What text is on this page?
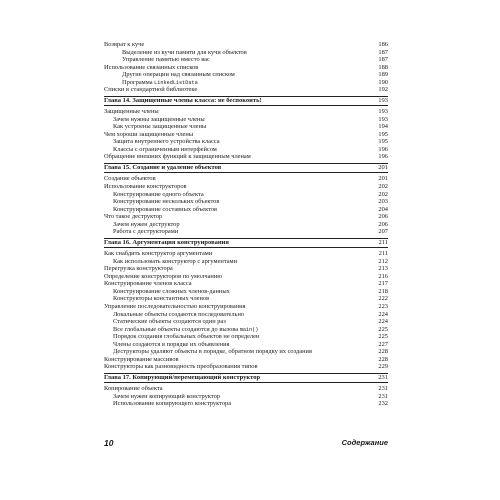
Возврат к куче	186
Выделение из кучи памяти для кучи объектов	187
Управление памятью вместо вас	187
Использование связанных списков	188
Другие операции над связанным списком	189
Программа LinkedListData	190
Списки в стандартной библиотеке	192
Глава 14. Защищенные члены класса: не беспокоить!	193
Защищенные члены	193
Зачем нужны защищенные члены	193
Как устроены защищенные члены	194
Чем хороши защищенные члены	195
Защита внутреннего устройства класса	195
Классы с ограниченным интерфейсом	196
Обращение внешних функций к защищенным членам	196
Глава 15. Создание и удаление объектов	201
Создание объектов	201
Использование конструкторов	202
Конструирование одного объекта	202
Конструирование нескольких объектов	203
Конструирование составных объектов	204
Что такое деструктор	206
Зачем нужен деструктор	206
Работа с деструкторами	207
Глава 16. Аргументация конструирования	211
Как снабдить конструктор аргументами	211
Как использовать конструктор с аргументами	212
Перегрузка конструктора	213
Определение конструкторов по умолчанию	216
Конструирование членов класса	217
Конструирование сложных членов-данных	218
Конструкторы константных членов	222
Управление последовательностью конструирования	223
Локальные объекты создаются последовательно	224
Статические объекты создаются один раз	224
Все глобальные объекты создаются до вызова main()	225
Порядок создания глобальных объектов не определен	225
Члены создаются в порядке их объявления	227
Деструкторы удаляют объекты в порядке, обратном порядку их создания	228
Конструирование массивов	228
Конструкторы как разновидность преобразования типов	229
Глава 17. Копирующий/перемещающий конструктор	231
Копирование объекта	231
Зачем нужен копирующий конструктор	231
Использование копирующего конструктора	232
10	Содержание
